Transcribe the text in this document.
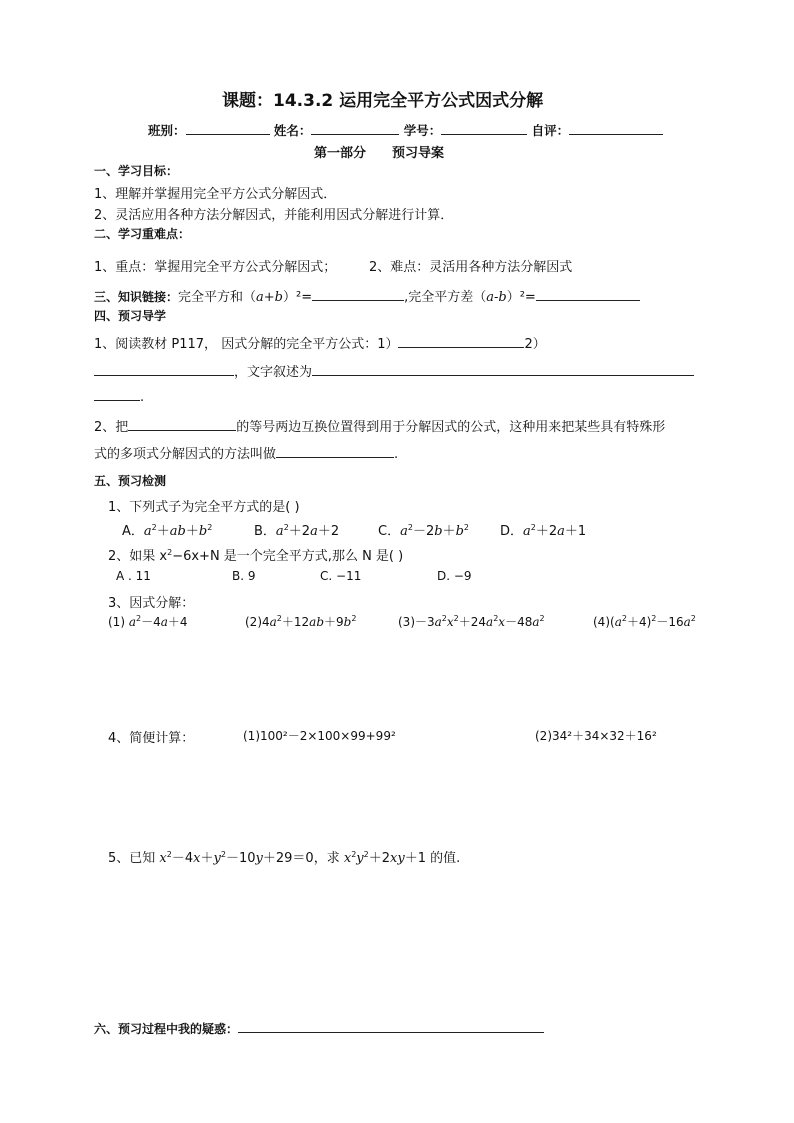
课题：14.3.2 运用完全平方公式因式分解
班别：	姓名：	学号：	自评：
第一部分 预习导案
一、学习目标：
1、理解并掌握用完全平方公式分解因式．
2、灵活应用各种方法分解因式，并能利用因式分解进行计算．
二、学习重难点：
1、重点：掌握用完全平方公式分解因式；	2、难点：灵活用各种方法分解因式
三、知识链接：完全平方和（a+b）²=	,完全平方差（a-b）²=
四、预习导学
1、阅读教材 P117， 因式分解的完全平方公式：1）	2）
，文字叙述为
.
2、把	的等号两边互换位置得到用于分解因式的公式，这种用来把某些具有特殊形
式的多项式分解因式的方法叫做	.
五、预习检测
1、下列式子为完全平方式的是( )
A．$a^2+ab+b^2$	B．$a^2+2a+2$	C．$a^2-2b+b^2$ D．$a^2+2a+1$
2、如果 $x^2-6x+N$ 是一个完全平方式,那么 N 是( )
A . 11	B. 9	C. −11	D. −9
3、因式分解：
(1) $a^2-4a+4$	$(2)4a^2+12ab+9b^2$	$(3)-3a^2x^2+24a^2x-48a^2$	$(4)(a^2+4)^2-16a^2$
4、简便计算：	(1)100²－2×100×99+99²	(2)34²＋34×32＋16²
5、已知 $x^2-4x+y^2-10y+29=0$，求 $x^2y^2+2xy+1$ 的值.
六、预习过程中我的疑惑：
